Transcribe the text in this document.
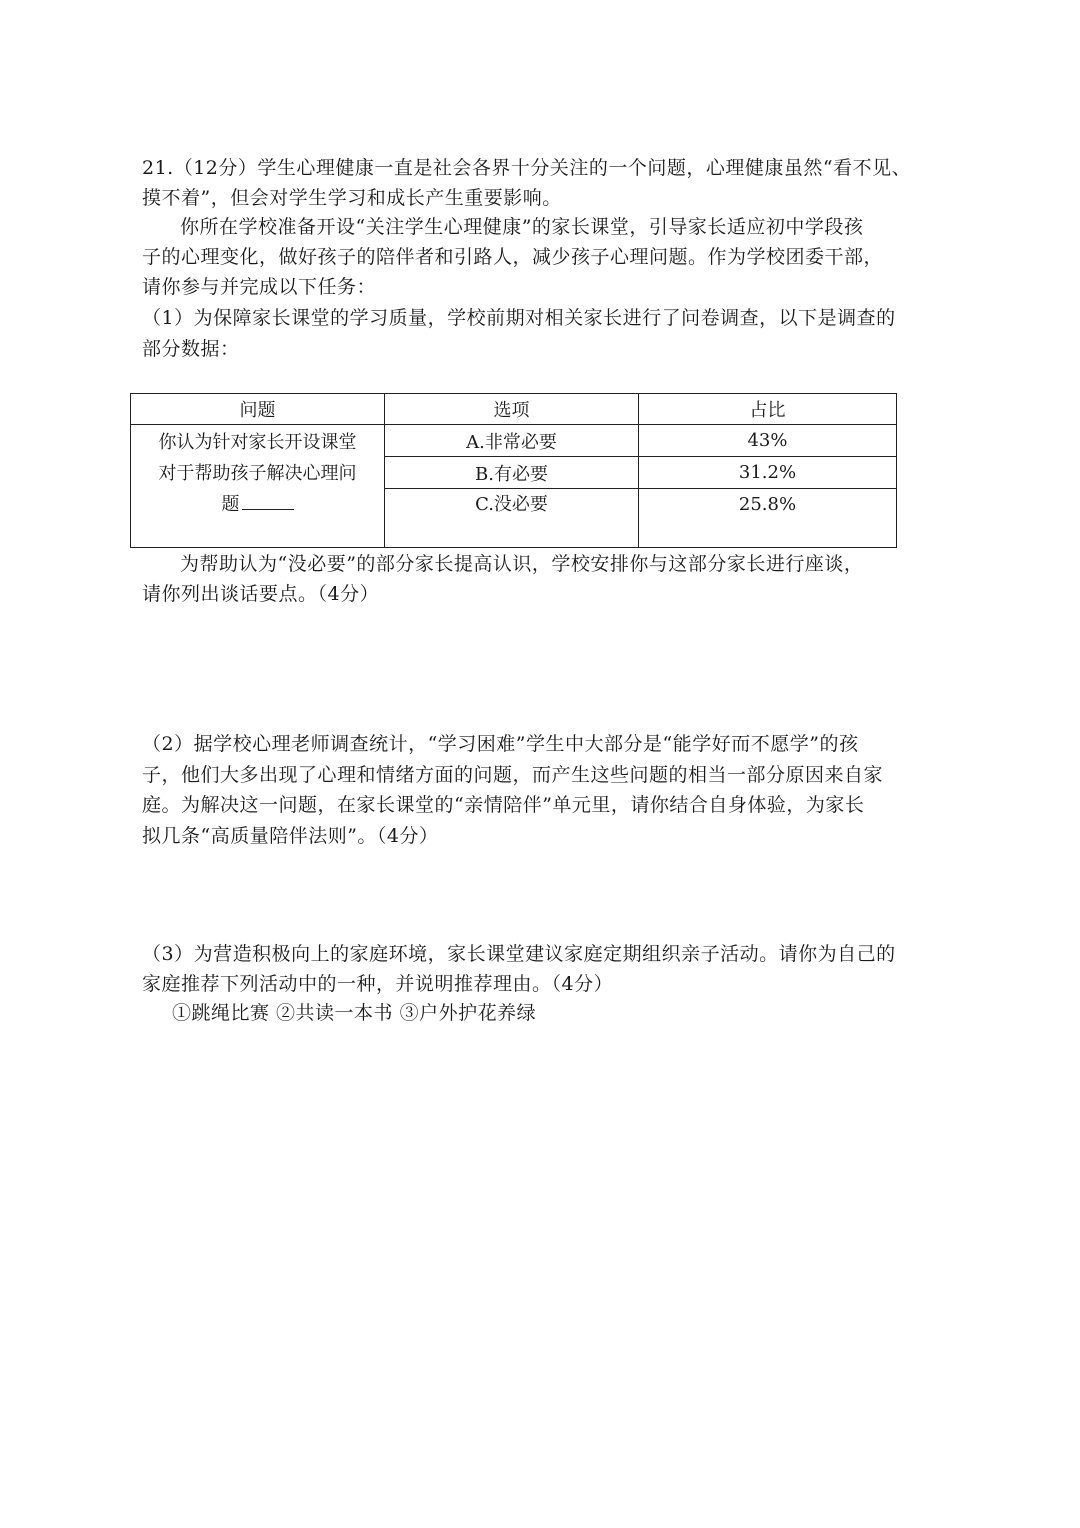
21.（12分）学生心理健康一直是社会各界十分关注的一个问题，心理健康虽然“看不见、
摸不着”，但会对学生学习和成长产生重要影响。
你所在学校准备开设“关注学生心理健康”的家长课堂，引导家长适应初中学段孩
子的心理变化，做好孩子的陪伴者和引路人，减少孩子心理问题。作为学校团委干部，
请你参与并完成以下任务：
（1）为保障家长课堂的学习质量，学校前期对相关家长进行了问卷调查，以下是调查的
部分数据：
问题	选项	占比

你认为针对家长开设课堂
对于帮助孩子解决心理问
题	A.非常必要	43%
	B.有必要	31.2%
	C.没必要	25.8%
为帮助认为“没必要”的部分家长提高认识，学校安排你与这部分家长进行座谈，
请你列出谈话要点。（4分）
（2）据学校心理老师调查统计，“学习困难”学生中大部分是“能学好而不愿学”的孩
子，他们大多出现了心理和情绪方面的问题，而产生这些问题的相当一部分原因来自家
庭。为解决这一问题，在家长课堂的“亲情陪伴”单元里，请你结合自身体验，为家长
拟几条“高质量陪伴法则”。（4分）
（3）为营造积极向上的家庭环境，家长课堂建议家庭定期组织亲子活动。请你为自己的
家庭推荐下列活动中的一种，并说明推荐理由。（4分）
①跳绳比赛 ②共读一本书 ③户外护花养绿
